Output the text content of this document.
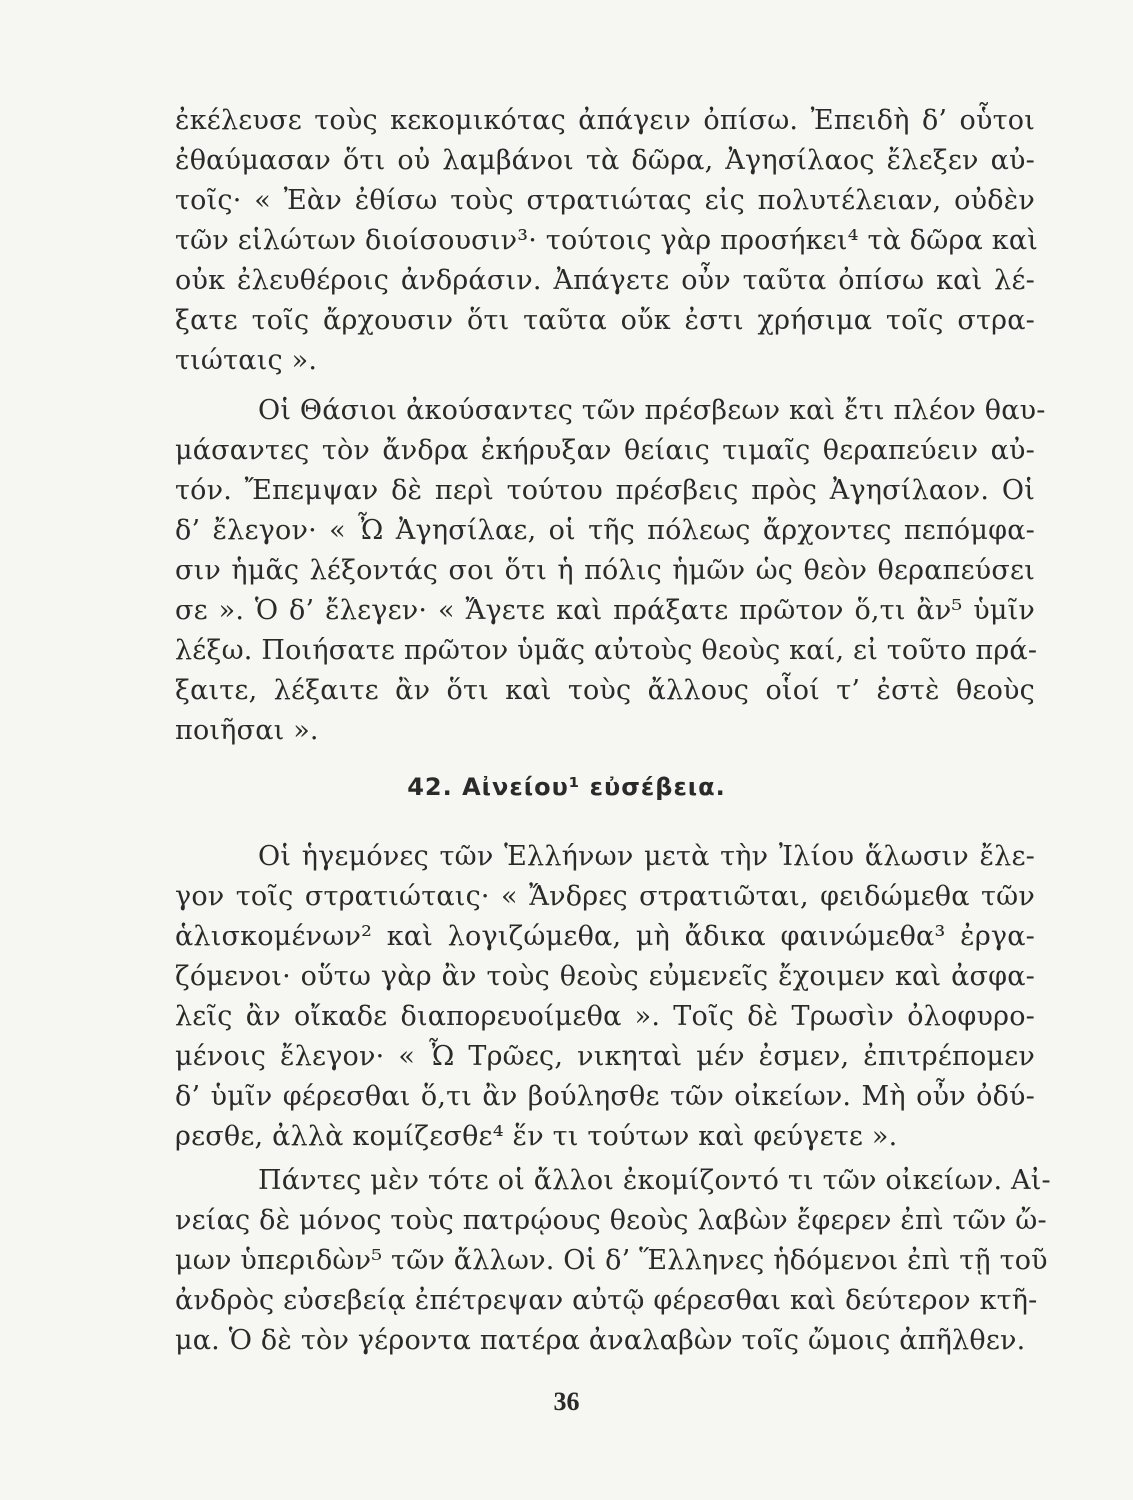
ἐκέλευσε τοὺς κεκομικότας ἀπάγειν ὀπίσω. Ἐπειδὴ δ’ οὗτοι
ἐθαύμασαν ὅτι οὐ λαμβάνοι τὰ δῶρα, Ἀγησίλαος ἔλεξεν αὐ-
τοῖς· « Ἐὰν ἐθίσω τοὺς στρατιώτας εἰς πολυτέλειαν, οὐδὲν
τῶν εἱλώτων διοίσουσιν³· τούτοις γὰρ προσήκει⁴ τὰ δῶρα καὶ
οὐκ ἐλευθέροις ἀνδράσιν. Ἀπάγετε οὖν ταῦτα ὀπίσω καὶ λέ-
ξατε τοῖς ἄρχουσιν ὅτι ταῦτα οὔκ ἐστι χρήσιμα τοῖς στρα-
τιώταις ».
Οἱ Θάσιοι ἀκούσαντες τῶν πρέσβεων καὶ ἔτι πλέον θαυ-
μάσαντες τὸν ἄνδρα ἐκήρυξαν θείαις τιμαῖς θεραπεύειν αὐ-
τόν. Ἔπεμψαν δὲ περὶ τούτου πρέσβεις πρὸς Ἀγησίλαον. Οἱ
δ’ ἔλεγον· « Ὦ Ἀγησίλαε, οἱ τῆς πόλεως ἄρχοντες πεπόμφα-
σιν ἡμᾶς λέξοντάς σοι ὅτι ἡ πόλις ἡμῶν ὡς θεὸν θεραπεύσει
σε ». Ὁ δ’ ἔλεγεν· « Ἄγετε καὶ πράξατε πρῶτον ὅ,τι ἂν⁵ ὑμῖν
λέξω. Ποιήσατε πρῶτον ὑμᾶς αὐτοὺς θεοὺς καί, εἰ τοῦτο πρά-
ξαιτε, λέξαιτε ἂν ὅτι καὶ τοὺς ἄλλους οἷοί τ’ ἐστὲ θεοὺς
ποιῆσαι ».
42. Αἰνείου¹ εὐσέβεια.
Οἱ ἡγεμόνες τῶν Ἑλλήνων μετὰ τὴν Ἰλίου ἅλωσιν ἔλε-
γον τοῖς στρατιώταις· « Ἄνδρες στρατιῶται, φειδώμεθα τῶν
ἁλισκομένων² καὶ λογιζώμεθα, μὴ ἄδικα φαινώμεθα³ ἐργα-
ζόμενοι· οὕτω γὰρ ἂν τοὺς θεοὺς εὐμενεῖς ἔχοιμεν καὶ ἀσφα-
λεῖς ἂν οἴκαδε διαπορευοίμεθα ». Τοῖς δὲ Τρωσὶν ὀλοφυρο-
μένοις ἔλεγον· « Ὦ Τρῶες, νικηταὶ μέν ἐσμεν, ἐπιτρέπομεν
δ’ ὑμῖν φέρεσθαι ὅ,τι ἂν βούλησθε τῶν οἰκείων. Μὴ οὖν ὀδύ-
ρεσθε, ἀλλὰ κομίζεσθε⁴ ἕν τι τούτων καὶ φεύγετε ».
Πάντες μὲν τότε οἱ ἄλλοι ἐκομίζοντό τι τῶν οἰκείων. Αἰ-
νείας δὲ μόνος τοὺς πατρῴους θεοὺς λαβὼν ἔφερεν ἐπὶ τῶν ὤ-
μων ὑπεριδὼν⁵ τῶν ἄλλων. Οἱ δ’ Ἕλληνες ἡδόμενοι ἐπὶ τῇ τοῦ
ἀνδρὸς εὐσεβείᾳ ἐπέτρεψαν αὐτῷ φέρεσθαι καὶ δεύτερον κτῆ-
μα. Ὁ δὲ τὸν γέροντα πατέρα ἀναλαβὼν τοῖς ὤμοις ἀπῆλθεν.
36
